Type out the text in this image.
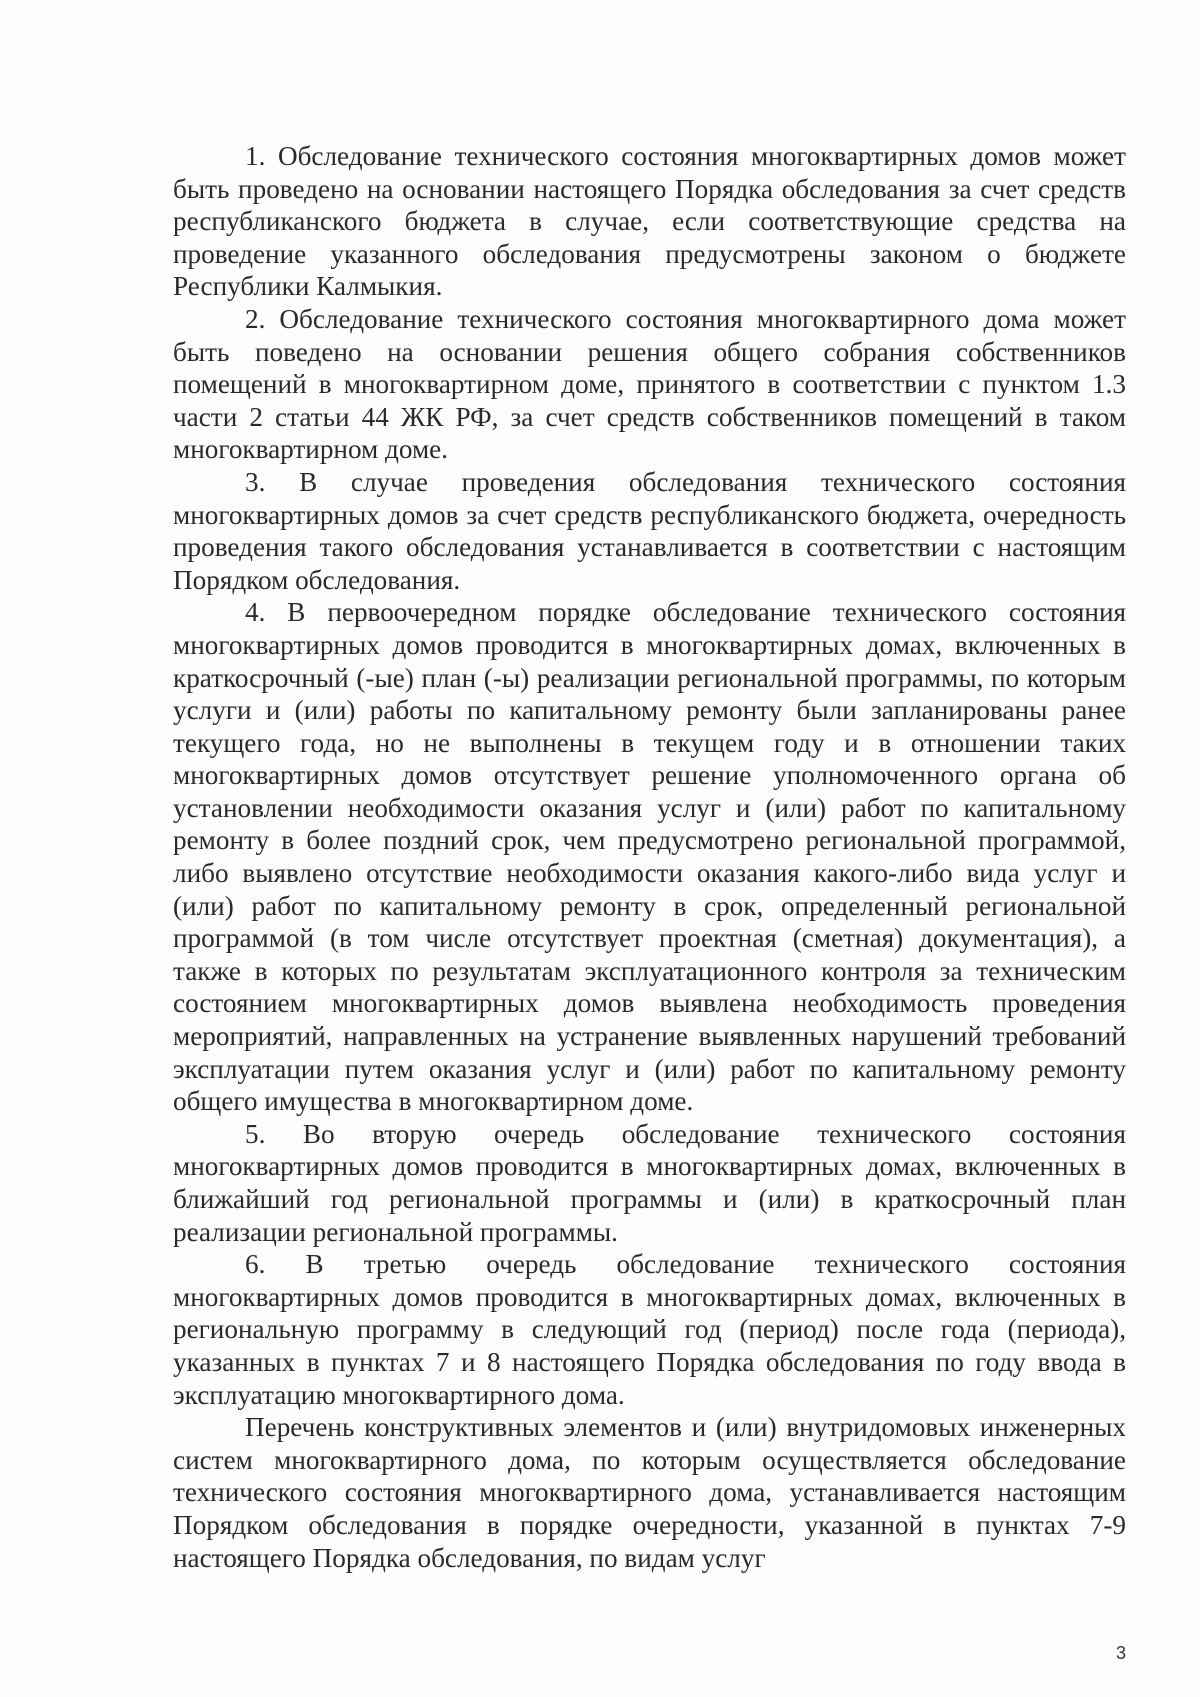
1. Обследование технического состояния многоквартирных домов может быть проведено на основании настоящего Порядка обследования за счет средств республиканского бюджета в случае, если соответствующие средства на проведение указанного обследования предусмотрены законом о бюджете Республики Калмыкия.

2. Обследование технического состояния многоквартирного дома может быть поведено на основании решения общего собрания собственников помещений в многоквартирном доме, принятого в соответствии с пунктом 1.3 части 2 статьи 44 ЖК РФ, за счет средств собственников помещений в таком многоквартирном доме.

3. В случае проведения обследования технического состояния многоквартирных домов за счет средств республиканского бюджета, очередность проведения такого обследования устанавливается в соответствии с настоящим Порядком обследования.

4. В первоочередном порядке обследование технического состояния многоквартирных домов проводится в многоквартирных домах, включенных в краткосрочный (-ые) план (-ы) реализации региональной программы, по которым услуги и (или) работы по капитальному ремонту были запланированы ранее текущего года, но не выполнены в текущем году и в отношении таких многоквартирных домов отсутствует решение уполномоченного органа об установлении необходимости оказания услуг и (или) работ по капитальному ремонту в более поздний срок, чем предусмотрено региональной программой, либо выявлено отсутствие необходимости оказания какого-либо вида услуг и (или) работ по капитальному ремонту в срок, определенный региональной программой (в том числе отсутствует проектная (сметная) документация), а также в которых по результатам эксплуатационного контроля за техническим состоянием многоквартирных домов выявлена необходимость проведения мероприятий, направленных на устранение выявленных нарушений требований эксплуатации путем оказания услуг и (или) работ по капитальному ремонту общего имущества в многоквартирном доме.

5. Во вторую очередь обследование технического состояния многоквартирных домов проводится в многоквартирных домах, включенных в ближайший год региональной программы и (или) в краткосрочный план реализации региональной программы.

6. В третью очередь обследование технического состояния многоквартирных домов проводится в многоквартирных домах, включенных в региональную программу в следующий год (период) после года (периода), указанных в пунктах 7 и 8 настоящего Порядка обследования по году ввода в эксплуатацию многоквартирного дома.

Перечень конструктивных элементов и (или) внутридомовых инженерных систем многоквартирного дома, по которым осуществляется обследование технического состояния многоквартирного дома, устанавливается настоящим Порядком обследования в порядке очередности, указанной в пунктах 7-9 настоящего Порядка обследования, по видам услуг

3
